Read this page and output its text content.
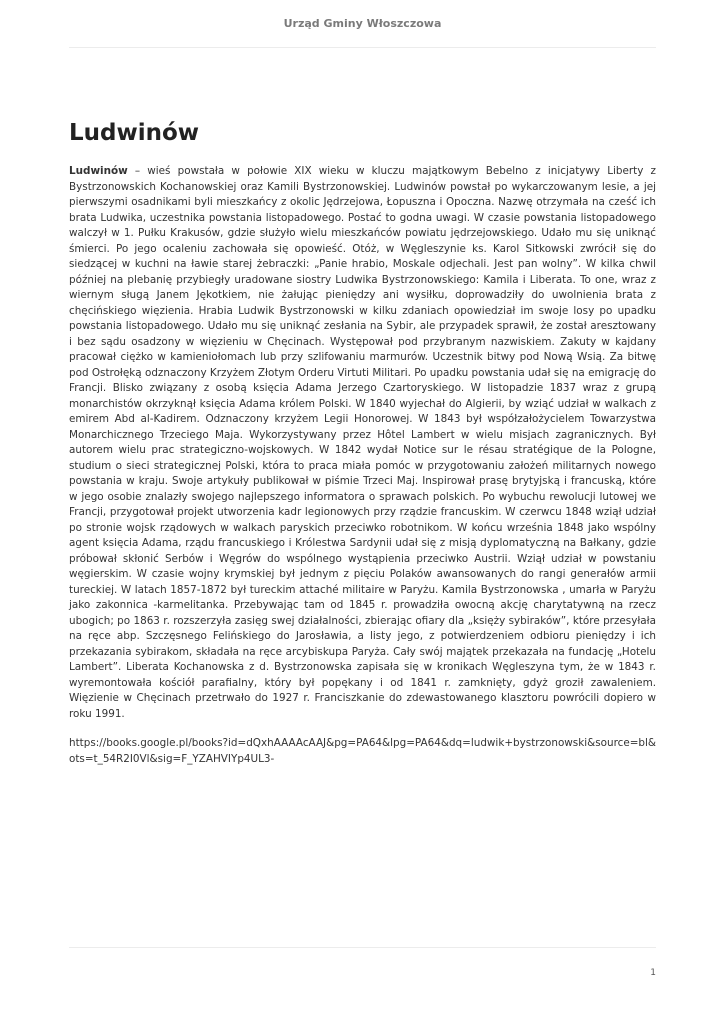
Urząd Gminy Włoszczowa
Ludwinów

Ludwinów – wieś powstała w połowie XIX wieku w kluczu majątkowym Bebelno z inicjatywy Liberty z Bystrzonowskich Kochanowskiej oraz Kamili Bystrzonowskiej. Ludwinów powstał po wykarczowanym lesie, a jej pierwszymi osadnikami byli mieszkańcy z okolic Jędrzejowa, Łopuszna i Opoczna. Nazwę otrzymała na cześć ich brata Ludwika, uczestnika powstania listopadowego. Postać to godna uwagi. W czasie powstania listopadowego walczył w 1. Pułku Krakusów, gdzie służyło wielu mieszkańców powiatu jędrzejowskiego. Udało mu się uniknąć śmierci. Po jego ocaleniu zachowała się opowieść. Otóż, w Węgleszynie ks. Karol Sitkowski zwrócił się do siedzącej w kuchni na ławie starej żebraczki: „Panie hrabio, Moskale odjechali. Jest pan wolny”. W kilka chwil później na plebanię przybiegły uradowane siostry Ludwika Bystrzonowskiego: Kamila i Liberata. To one, wraz z wiernym sługą Janem Jękotkiem, nie żałując pieniędzy ani wysiłku, doprowadziły do uwolnienia brata z chęcińskiego więzienia. Hrabia Ludwik Bystrzonowski w kilku zdaniach opowiedział im swoje losy po upadku powstania listopadowego. Udało mu się uniknąć zesłania na Sybir, ale przypadek sprawił, że został aresztowany i bez sądu osadzony w więzieniu w Chęcinach. Występował pod przybranym nazwiskiem. Zakuty w kajdany pracował ciężko w kamieniołomach lub przy szlifowaniu marmurów. Uczestnik bitwy pod Nową Wsią. Za bitwę pod Ostrołęką odznaczony Krzyżem Złotym Orderu Virtuti Militari. Po upadku powstania udał się na emigrację do Francji. Blisko związany z osobą księcia Adama Jerzego Czartoryskiego. W listopadzie 1837 wraz z grupą monarchistów okrzyknął księcia Adama królem Polski. W 1840 wyjechał do Algierii, by wziąć udział w walkach z emirem Abd al-Kadirem. Odznaczony krzyżem Legii Honorowej. W 1843 był współzałożycielem Towarzystwa Monarchicznego Trzeciego Maja. Wykorzystywany przez Hôtel Lambert w wielu misjach zagranicznych. Był autorem wielu prac strategiczno-wojskowych. W 1842 wydał Notice sur le résau stratégique de la Pologne, studium o sieci strategicznej Polski, która to praca miała pomóc w przygotowaniu założeń militarnych nowego powstania w kraju. Swoje artykuły publikował w piśmie Trzeci Maj. Inspirował prasę brytyjską i francuską, które w jego osobie znalazły swojego najlepszego informatora o sprawach polskich. Po wybuchu rewolucji lutowej we Francji, przygotował projekt utworzenia kadr legionowych przy rządzie francuskim. W czerwcu 1848 wziął udział po stronie wojsk rządowych w walkach paryskich przeciwko robotnikom. W końcu września 1848 jako wspólny agent księcia Adama, rządu francuskiego i Królestwa Sardynii udał się z misją dyplomatyczną na Bałkany, gdzie próbował skłonić Serbów i Węgrów do wspólnego wystąpienia przeciwko Austrii. Wziął udział w powstaniu węgierskim. W czasie wojny krymskiej był jednym z pięciu Polaków awansowanych do rangi generałów armii tureckiej. W latach 1857-1872 był tureckim attaché militaire w Paryżu. Kamila Bystrzonowska , umarła w Paryżu jako zakonnica -karmelitanka. Przebywając tam od 1845 r. prowadziła owocną akcję charytatywną na rzecz ubogich; po 1863 r. rozszerzyła zasięg swej działalności, zbierając ofiary dla „księży sybiraków”, które przesyłała na ręce abp. Szczęsnego Felińskiego do Jarosławia, a listy jego, z potwierdzeniem odbioru pieniędzy i ich przekazania sybirakom, składała na ręce arcybiskupa Paryża. Cały swój majątek przekazała na fundację „Hotelu Lambert”. Liberata Kochanowska z d. Bystrzonowska zapisała się w kronikach Węgleszyna tym, że w 1843 r. wyremontowała kościół parafialny, który był popękany i od 1841 r. zamknięty, gdyż groził zawaleniem. Więzienie w Chęcinach przetrwało do 1927 r. Franciszkanie do zdewastowanego klasztoru powrócili dopiero w roku 1991.

https://books.google.pl/books?id=dQxhAAAAcAAJ&pg=PA64&lpg=PA64&dq=ludwik+bystrzonowski&source=bl&ots=t_54R2I0Vl&sig=F_YZAHVIYp4UL3-

1
